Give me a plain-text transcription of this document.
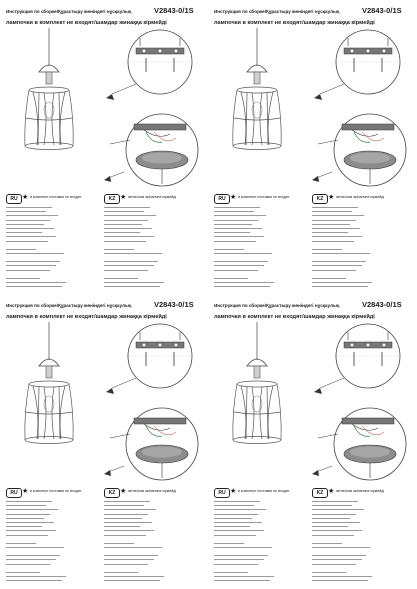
Инструкция по сборке/Құрастыру жөніндегі нұсқаулық	V2843-0/1S
лампочки в комплект не входят/шамдар жинаққа кірмейді
RU ★ в комплект поставки не входит	KZ ★ жеткізілім жинағына кірмейді
Инструкция по сборке/Құрастыру жөніндегі нұсқаулық	V2843-0/1S
лампочки в комплект не входят/шамдар жинаққа кірмейді
RU ★ в комплект поставки не входит	KZ ★ жеткізілім жинағына кірмейді
Инструкция по сборке/Құрастыру жөніндегі нұсқаулық	V2843-0/1S
лампочки в комплект не входят/шамдар жинаққа кірмейді
RU ★ в комплект поставки не входит	KZ ★ жеткізілім жинағына кірмейді
Инструкция по сборке/Құрастыру жөніндегі нұсқаулық	V2843-0/1S
лампочки в комплект не входят/шамдар жинаққа кірмейді
RU ★ в комплект поставки не входит	KZ ★ жеткізілім жинағына кірмейді
